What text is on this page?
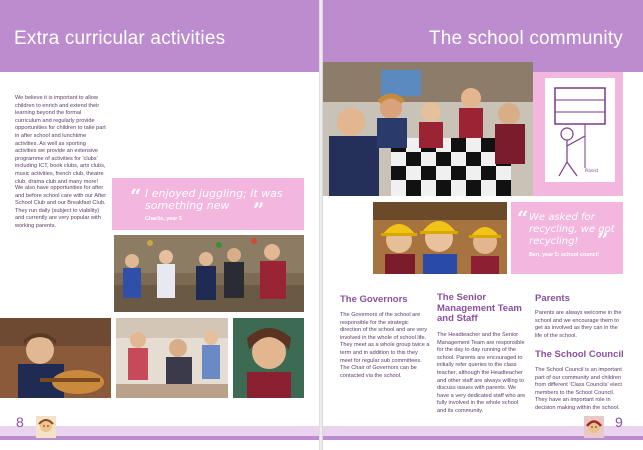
Extra curricular activities

We believe it is important to allow children to enrich and extend their learning beyond the formal curriculum and regularly provide opportunities for children to take part in after school and lunchtime activities. As well as sporting activities we provide an extensive programme of activities for 'clubs' including ICT, book clubs, arts clubs, music activities, french club, theatre club, drama club and many more!

We also have opportunities for after and before school care with our After School Club and our Breakfast Club. They run daily (subject to viability) and currently are very popular with working parents.

“ I enjoyed juggling; it was something new	”

Charlie, year 5

8
The school community
Pianist
“ We asked for recycling, we got recycling! ”

Ben, year 5: school council

The Governors

The Governors of the school are responsible for the strategic direction of the school and are very involved in the whole of school life. They meet as a whole group twice a term and in addition to this they meet for regular sub committees. The Chair of Governors can be contacted via the school.

The Senior Management Team and Staff

The Headteacher and the Senior Management Team are responsible for the day to day running of the school. Parents are encouraged to initially refer queries to the class teacher, although the Headteacher and other staff are always willing to discuss issues with parents. We have a very dedicated staff who are fully involved in the whole school and its community.

Parents

Parents are always welcome in the school and we encourage them to get as involved as they can in the life of the school.

The School Council

The School Council is an important part of our community and children from different 'Class Councils' elect members to the School Council. They have an important role in decision making within the school.

9
